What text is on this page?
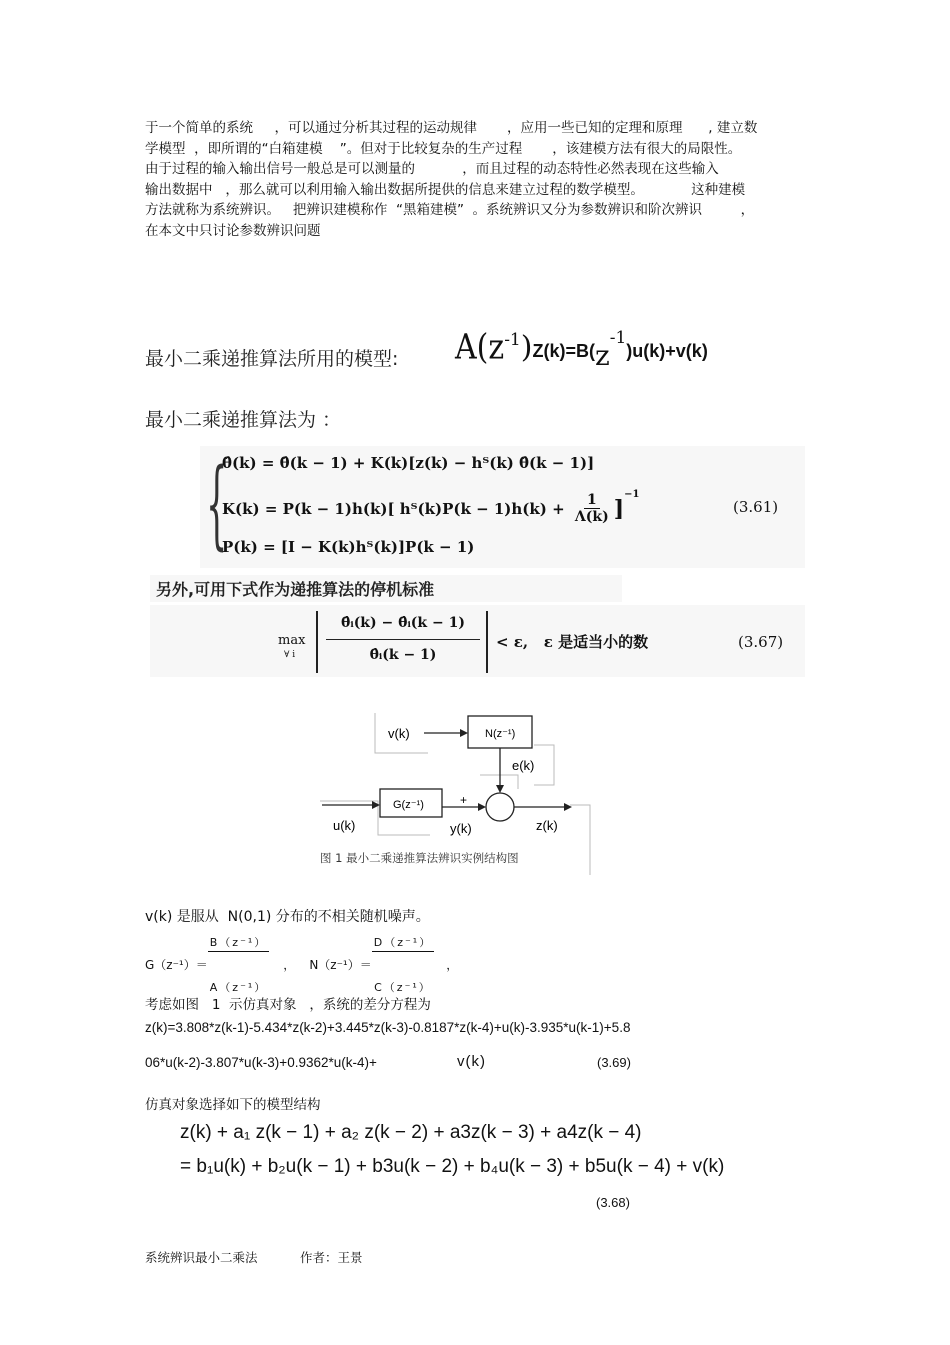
于一个简单的系统     ，可以通过分析其过程的运动规律       ，应用一些已知的定理和原理      , 建立数
学模型  ，即所谓的“白箱建模    ”。但对于比较复杂的生产过程       ，该建模方法有很大的局限性。
由于过程的输入输出信号一般总是可以测量的           ，而且过程的动态特性必然表现在这些输入
输出数据中   ，那么就可以利用输入输出数据所提供的信息来建立过程的数学模型。           这种建模
方法就称为系统辨识。   把辨识建模称作  “黑箱建模”  。系统辨识又分为参数辨识和阶次辨识         ，
在本文中只讨论参数辨识问题
最小二乘递推算法所用的模型: $A(z^{-1})Z(k)=B(z^{-1})u(k)+v(k)$
最小二乘递推算法为 ：
{
θ̂(k) = θ̂(k − 1) + K(k)[z(k) − hᵀ(k) θ̂(k − 1)]
K(k) = P(k − 1)h(k)[ hᵀ(k)P(k − $1)h(k) + \frac{1}{\Lambda(k)}$ ]
$^{-1}$
P(k) = [I − K(k)hᵀ(k)]P(k − 1)
(3.61)
另外,可用下式作为递推算法的停机标准
max
∀ i
θ̂ᵢ(k) − θ̂ᵢ(k − 1)
θ̂ᵢ(k − 1)
< ε,   ε 是适当小的数	(3.67)
v(k)	N(z⁻¹)
e(k)
G(z⁻¹)	+
u(k)	y(k)	z(k)
图 1 最小二乘递推算法辨识实例结构图
v(k) 是服从  N(0,1) 分布的不相关随机噪声。
G（z⁻¹）＝

$\frac{\text{B（z⁻¹）}}{\text{A（z⁻¹）}}$

， N（z⁻¹）＝

$\frac{\text{D（z⁻¹）}}{\text{C（z⁻¹）}}$

，
考虑如图   1  示仿真对象   ，系统的差分方程为
z(k)=3.808*z(k-1)-5.434*z(k-2)+3.445*z(k-3)-0.8187*z(k-4)+u(k)-3.935*u(k-1)+5.8
06*u(k-2)-3.807*u(k-3)+0.9362*u(k-4)+	v(k)	(3.69)
仿真对象选择如下的模型结构
z(k) + a₁ z(k − 1) + a₂ z(k − 2) + a3z(k − 3) + a4z(k − 4)
= b₁u(k) + b₂u(k − 1) + b3u(k − 2) + b₄u(k − 3) + b5u(k − 4) + v(k)
(3.68)
系统辨识最小二乘法	作者：王景
